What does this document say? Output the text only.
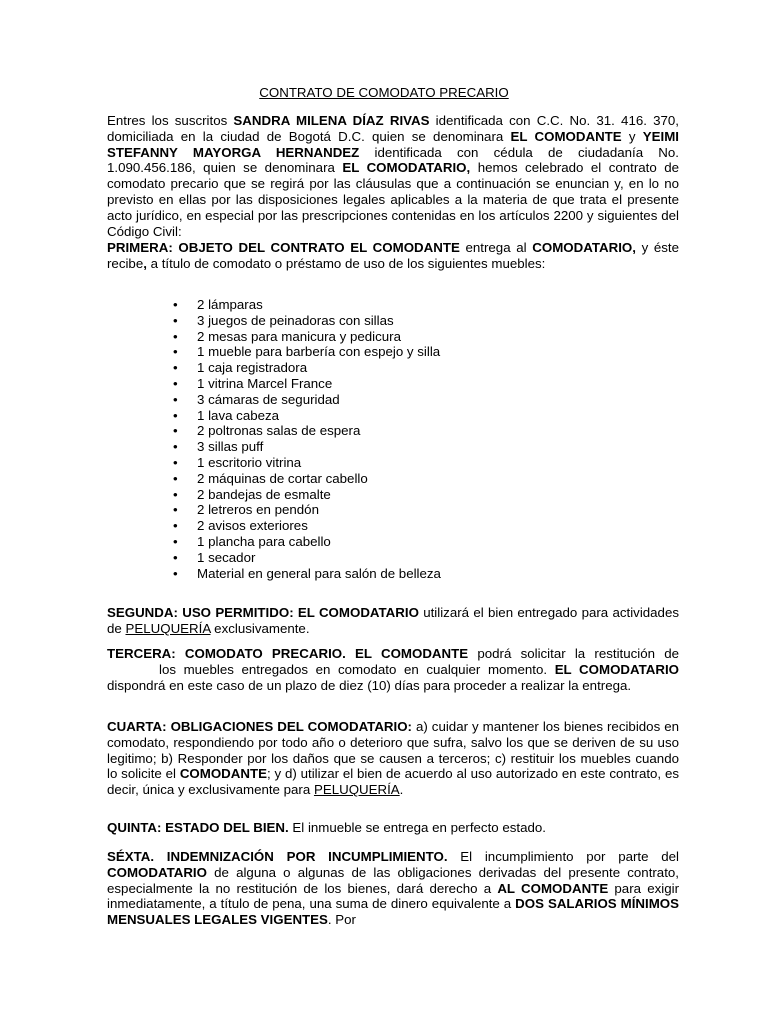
CONTRATO DE COMODATO PRECARIO

Entres los suscritos SANDRA MILENA DÍAZ RIVAS identificada con C.C. No. 31. 416. 370, domiciliada en la ciudad de Bogotá D.C. quien se denominara EL COMODANTE y YEIMI STEFANNY MAYORGA HERNANDEZ identificada con cédula de ciudadanía No. 1.090.456.186, quien se denominara EL COMODATARIO, hemos celebrado el contrato de comodato precario que se regirá por las cláusulas que a continuación se enuncian y, en lo no previsto en ellas por las disposiciones legales aplicables a la materia de que trata el presente acto jurídico, en especial por las prescripciones contenidas en los artículos 2200 y siguientes del Código Civil:

PRIMERA: OBJETO DEL CONTRATO EL COMODANTE entrega al COMODATARIO, y éste recibe, a título de comodato o préstamo de uso de los siguientes muebles:

• 2 lámparas
• 3 juegos de peinadoras con sillas
• 2 mesas para manicura y pedicura
• 1 mueble para barbería con espejo y silla
• 1 caja registradora
• 1 vitrina Marcel France
• 3 cámaras de seguridad
• 1 lava cabeza
• 2 poltronas salas de espera
• 3 sillas puff
• 1 escritorio vitrina
• 2 máquinas de cortar cabello
• 2 bandejas de esmalte
• 2 letreros en pendón
• 2 avisos exteriores
• 1 plancha para cabello
• 1 secador
• Material en general para salón de belleza

SEGUNDA: USO PERMITIDO: EL COMODATARIO utilizará el bien entregado para actividades de PELUQUERÍA exclusivamente.

TERCERA: COMODATO PRECARIO. EL COMODANTE podrá solicitar la restitución delos muebles entregados en comodato en cualquier momento. EL COMODATARIO dispondrá en este caso de un plazo de diez (10) días para proceder a realizar la entrega.

CUARTA: OBLIGACIONES DEL COMODATARIO: a) cuidar y mantener los bienes recibidos en comodato, respondiendo por todo año o deterioro que sufra, salvo los que se deriven de su uso legitimo; b) Responder por los daños que se causen a terceros; c) restituir los muebles cuando lo solicite el COMODANTE; y d) utilizar el bien de acuerdo al uso autorizado en este contrato, es decir, única y exclusivamente para PELUQUERÍA.

QUINTA: ESTADO DEL BIEN. El inmueble se entrega en perfecto estado.

SÉXTA. INDEMNIZACIÓN POR INCUMPLIMIENTO. El incumplimiento por parte del COMODATARIO de alguna o algunas de las obligaciones derivadas del presente contrato, especialmente la no restitución de los bienes, dará derecho a AL COMODANTE para exigir inmediatamente, a título de pena, una suma de dinero equivalente a DOS SALARIOS MÍNIMOS MENSUALES LEGALES VIGENTES. Por
